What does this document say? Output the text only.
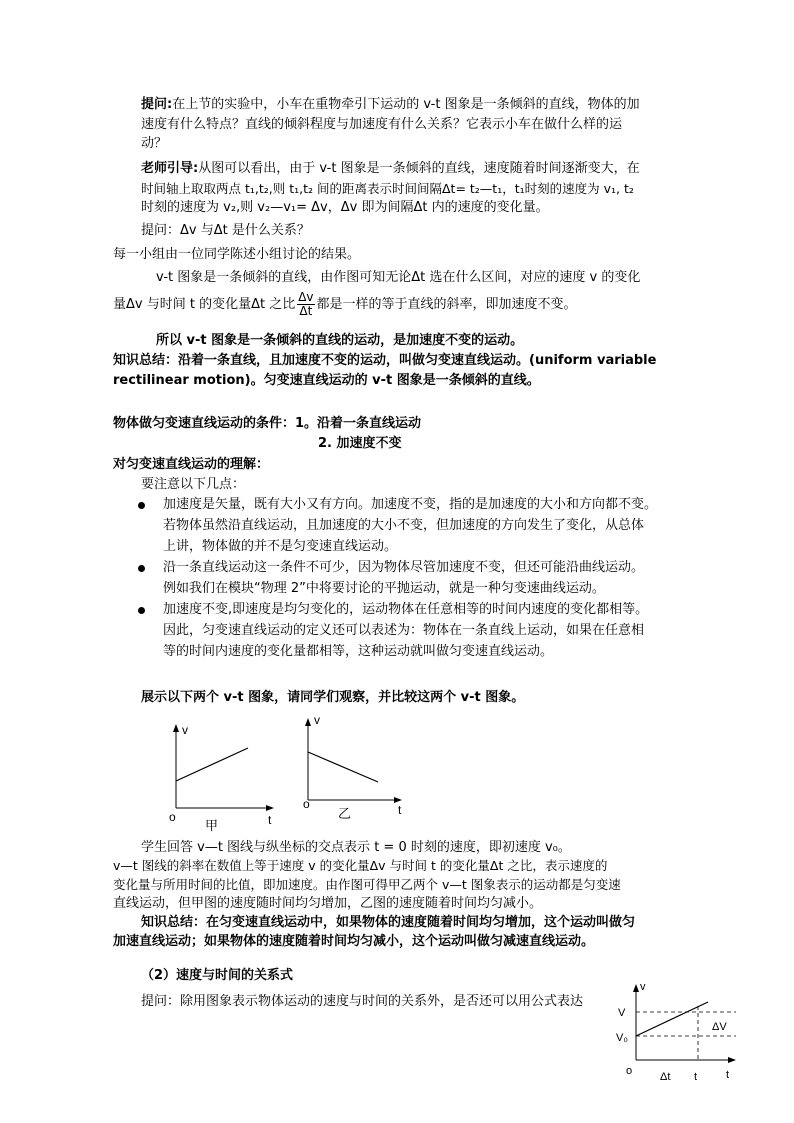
提问:在上节的实验中，小车在重物牵引下运动的 v-t 图象是一条倾斜的直线，物体的加
速度有什么特点？直线的倾斜程度与加速度有什么关系？它表示小车在做什么样的运
动？
老师引导:从图可以看出，由于 v-t 图象是一条倾斜的直线，速度随着时间逐渐变大，在
时间轴上取取两点 t₁,t₂,则 t₁,t₂ 间的距离表示时间间隔Δt= t₂—t₁，t₁时刻的速度为 v₁, t₂
时刻的速度为 v₂,则 v₂—v₁= Δv，Δv 即为间隔Δt 内的速度的变化量。
提问：Δv 与Δt 是什么关系？
每一小组由一位同学陈述小组讨论的结果。
v-t 图象是一条倾斜的直线，由作图可知无论Δt 选在什么区间，对应的速度 v 的变化
量Δv 与时间 t 的变化量Δt 之比 $\frac{\Delta v}{\Delta t}$ 都是一样的等于直线的斜率，即加速度不变。
所以 v-t 图象是一条倾斜的直线的运动，是加速度不变的运动。
知识总结：沿着一条直线，且加速度不变的运动，叫做匀变速直线运动。(uniform variable
rectilinear motion)。匀变速直线运动的 v-t 图象是一条倾斜的直线。
物体做匀变速直线运动的条件：1。沿着一条直线运动
2. 加速度不变
对匀变速直线运动的理解：
要注意以下几点：
加速度是矢量，既有大小又有方向。加速度不变，指的是加速度的大小和方向都不变。
若物体虽然沿直线运动，且加速度的大小不变，但加速度的方向发生了变化，从总体
上讲，物体做的并不是匀变速直线运动。
沿一条直线运动这一条件不可少，因为物体尽管加速度不变，但还可能沿曲线运动。
例如我们在模块“物理 2”中将要讨论的平抛运动，就是一种匀变速曲线运动。
加速度不变,即速度是均匀变化的，运动物体在任意相等的时间内速度的变化都相等。
因此，匀变速直线运动的定义还可以表述为：物体在一条直线上运动，如果在任意相
等的时间内速度的变化量都相等，这种运动就叫做匀变速直线运动。
展示以下两个 v-t 图象，请同学们观察，并比较这两个 v-t 图象。
v
o	t
甲
v
o	t
乙
学生回答 v—t 图线与纵坐标的交点表示 t = 0 时刻的速度，即初速度 v₀。
v—t 图线的斜率在数值上等于速度 v 的变化量Δv 与时间 t 的变化量Δt 之比，表示速度的
变化量与所用时间的比值，即加速度。由作图可得甲乙两个 v—t 图象表示的运动都是匀变速
直线运动，但甲图的速度随时间均匀增加，乙图的速度随着时间均匀减小。
知识总结：在匀变速直线运动中，如果物体的速度随着时间均匀增加，这个运动叫做匀
加速直线运动；如果物体的速度随着时间均匀减小，这个运动叫做匀减速直线运动。
（2）速度与时间的关系式
提问：除用图象表示物体运动的速度与时间的关系外，是否还可以用公式表达
v
V
V₀
ΔV
o	Δt t	t
